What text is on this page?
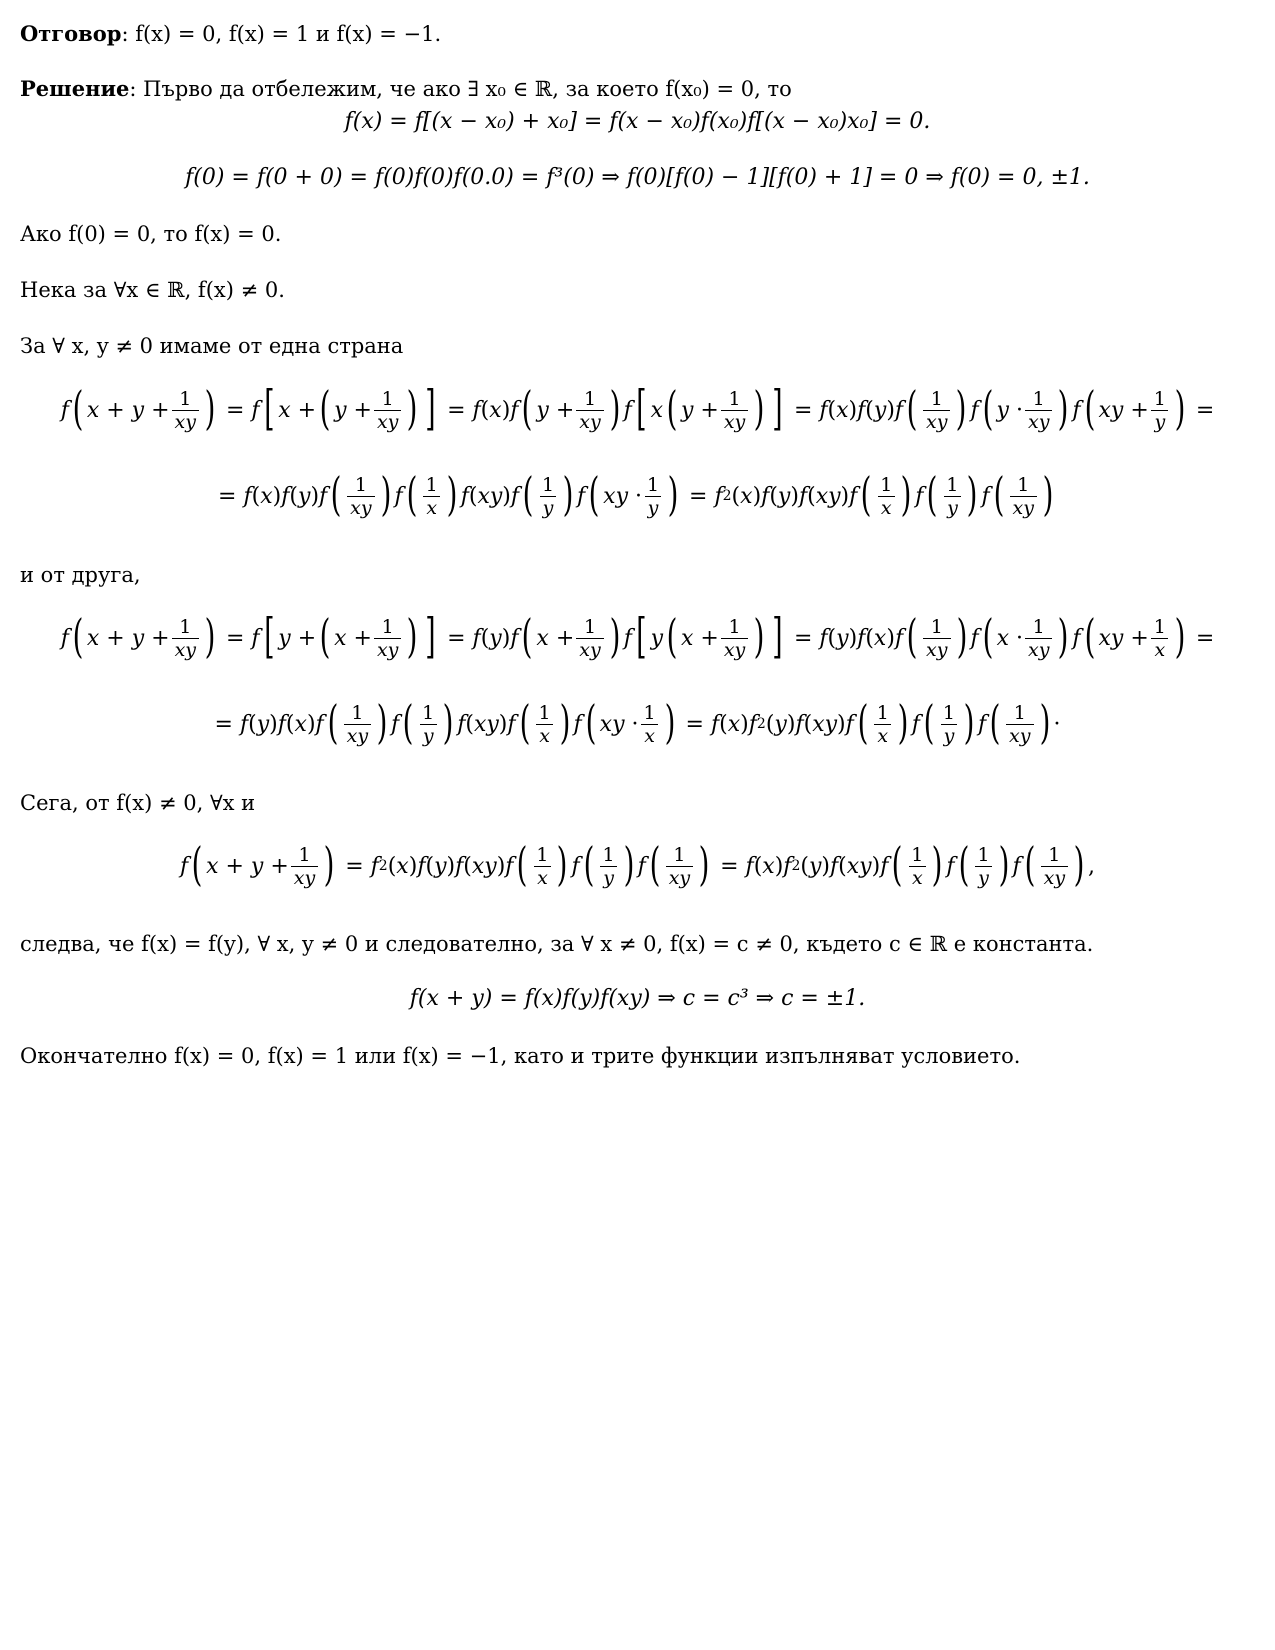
Отговор: f(x) = 0, f(x) = 1 и f(x) = −1.
Решение: Първо да отбележим, че ако ∃ x₀ ∈ ℝ, за което f(x₀) = 0, то
f(x) = f[(x − x₀) + x₀] = f(x − x₀)f(x₀)f[(x − x₀)x₀] = 0.
f(0) = f(0 + 0) = f(0)f(0)f(0.0) = f³(0) ⇒ f(0)[f(0) − 1][f(0) + 1] = 0 ⇒ f(0) = 0, ±1.
Ако f(0) = 0, то f(x) = 0.
Нека за ∀x ∈ ℝ, f(x) ≠ 0.
За ∀ x, y ≠ 0 имаме от една страна
f ( $x + y + \frac{1}{xy}$ ) = f [ x + ( $y + \frac{1}{xy}$ ) ] = f ( x ) f ( $y + \frac{1}{xy}$ ) f [ x ( $y + \frac{1}{xy}$ ) ] = f ( x ) f ( y ) f ( $\frac{1}{xy}$ ) f ( $y \cdot \frac{1}{xy}$ ) f ( xy + $\frac{1}{y}$ ) =
= f ( x ) f ( y ) f ( $\frac{1}{xy}$ ) f ( $\frac{1}{x}$ ) f ( xy ) f ( $\frac{1}{y}$ ) f ( xy · $\frac{1}{y}$ ) = f 2 ( x ) f ( y ) f ( xy ) f ( $\frac{1}{x}$ ) f ( $\frac{1}{y}$ ) f ( $\frac{1}{xy}$ )
и от друга,
f ( $x + y + \frac{1}{xy}$ ) = f [ y + ( $x + \frac{1}{xy}$ ) ] = f ( y ) f ( $x + \frac{1}{xy}$ ) f [ y ( $x + \frac{1}{xy}$ ) ] = f ( y ) f ( x ) f ( $\frac{1}{xy}$ ) f ( $x \cdot \frac{1}{xy}$ ) f ( xy + $\frac{1}{x}$ ) =
= f ( y ) f ( x ) f ( $\frac{1}{xy}$ ) f ( $\frac{1}{y}$ ) f ( xy ) f ( $\frac{1}{x}$ ) f ( xy · $\frac{1}{x}$ ) = f ( x ) f 2 ( y ) f ( xy ) f ( $\frac{1}{x}$ ) f ( $\frac{1}{y}$ ) f ( $\frac{1}{xy}$ ) ·
Сега, от f(x) ≠ 0, ∀x и
f ( $x + y + \frac{1}{xy}$ ) = f 2 ( x ) f ( y ) f ( xy ) f ( $\frac{1}{x}$ ) f ( $\frac{1}{y}$ ) f ( $\frac{1}{xy}$ ) = f ( x ) f 2 ( y ) f ( xy ) f ( $\frac{1}{x}$ ) f ( $\frac{1}{y}$ ) f ( $\frac{1}{xy}$ ) ,
следва, че f(x) = f(y), ∀ x, y ≠ 0 и следователно, за ∀ x ≠ 0, f(x) = c ≠ 0, където c ∈ ℝ е константа.
f(x + y) = f(x)f(y)f(xy) ⇒ c = c³ ⇒ c = ±1.
Окончателно f(x) = 0, f(x) = 1 или f(x) = −1, като и трите функции изпълняват условието.
